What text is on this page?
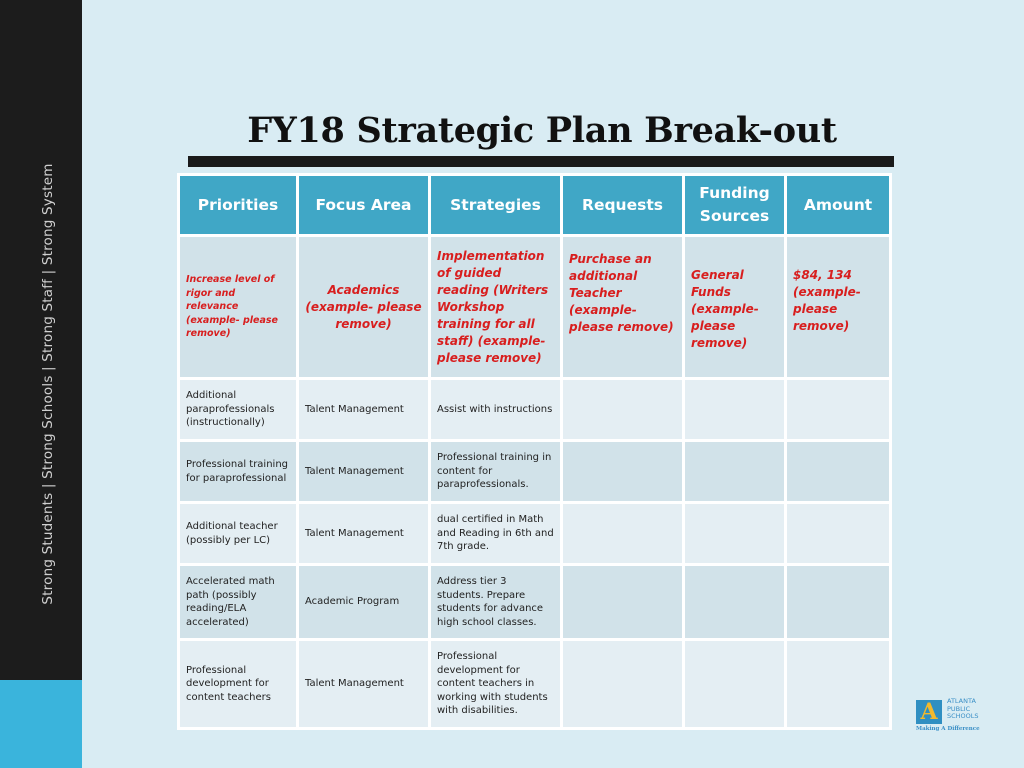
Strong Students | Strong Schools | Strong Staff | Strong System
FY18 Strategic Plan Break-out
Priorities	Focus Area	Strategies	Requests	Funding Sources	Amount
Increase level of rigor and relevance (example- please remove)	Academics (example- please remove)	Implementation of guided reading (Writers Workshop training for all staff) (example- please remove)	Purchase an additional Teacher (example- please remove)	General Funds (example- please remove)	$84, 134 (example- please remove)
Additional paraprofessionals (instructionally)	Talent Management	Assist with instructions			
Professional training for paraprofessional	Talent Management	Professional training in content for paraprofessionals.			
Additional teacher (possibly per LC)	Talent Management	dual certified in Math and Reading in 6th and 7th grade.			
Accelerated math path (possibly reading/ELA accelerated)	Academic Program	Address tier 3 students. Prepare students for advance high school classes.			
Professional development for content teachers	Talent Management	Professional development for content teachers in working with students with disabilities.				A	ATLANTA
PUBLIC
SCHOOLS
Making A Difference
